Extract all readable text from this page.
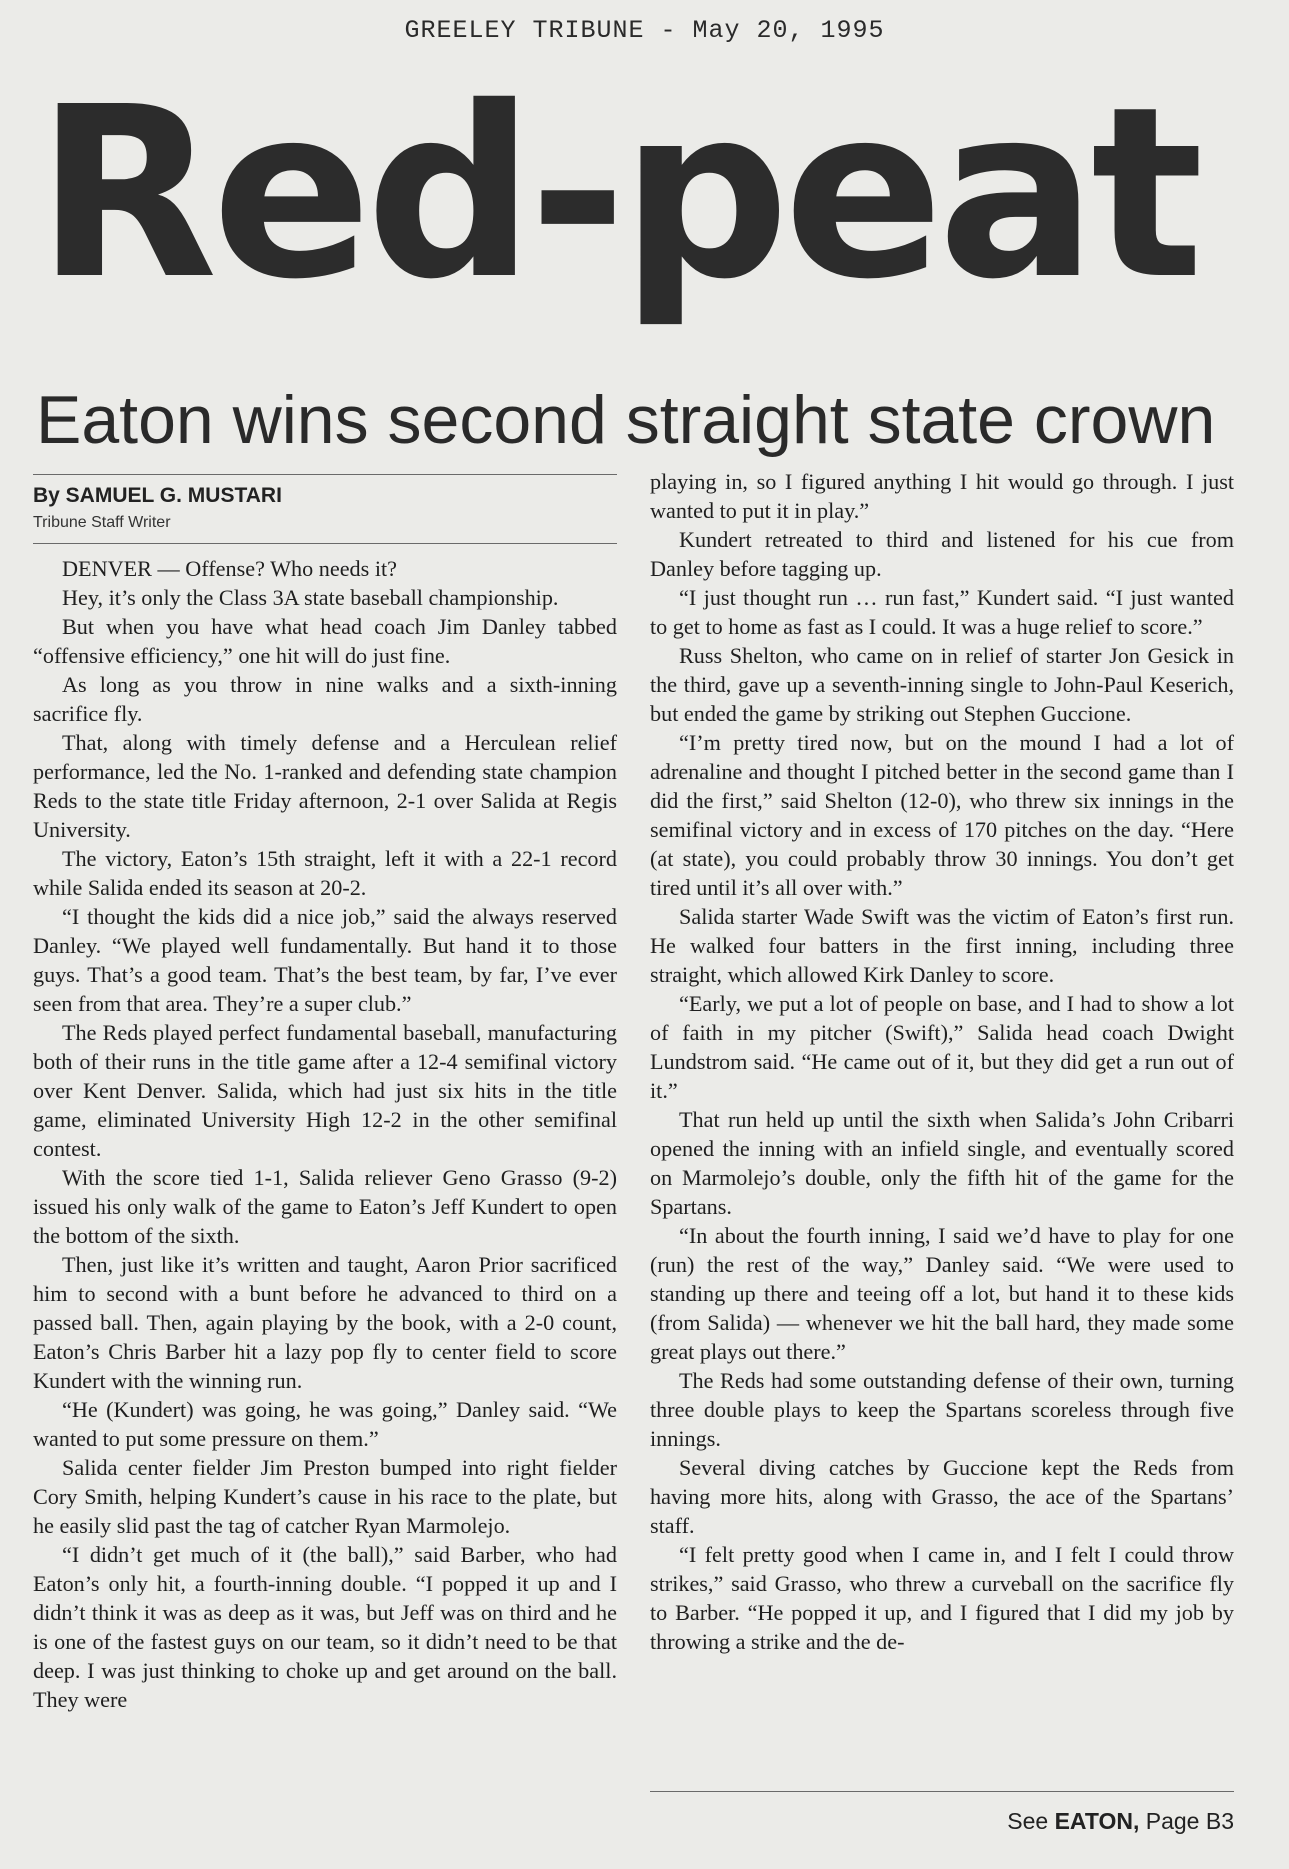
GREELEY TRIBUNE - May 20, 1995
Red-peat
Eaton wins second straight state crown
By SAMUEL G. MUSTARI
Tribune Staff Writer

DENVER — Offense? Who needs it?

Hey, it’s only the Class 3A state baseball championship.

But when you have what head coach Jim Danley tabbed “offensive efficiency,” one hit will do just fine.

As long as you throw in nine walks and a sixth-inning sacrifice fly.

That, along with timely defense and a Herculean relief performance, led the No. 1-ranked and defending state champion Reds to the state title Friday afternoon, 2-1 over Salida at Regis University.

The victory, Eaton’s 15th straight, left it with a 22-1 record while Salida ended its season at 20-2.

“I thought the kids did a nice job,” said the always reserved Danley. “We played well fundamentally. But hand it to those guys. That’s a good team. That’s the best team, by far, I’ve ever seen from that area. They’re a super club.”

The Reds played perfect fundamental baseball, manufacturing both of their runs in the title game after a 12-4 semifinal victory over Kent Denver. Salida, which had just six hits in the title game, eliminated University High 12-2 in the other semifinal contest.

With the score tied 1-1, Salida reliever Geno Grasso (9-2) issued his only walk of the game to Eaton’s Jeff Kundert to open the bottom of the sixth.

Then, just like it’s written and taught, Aaron Prior sacrificed him to second with a bunt before he advanced to third on a passed ball. Then, again playing by the book, with a 2-0 count, Eaton’s Chris Barber hit a lazy pop fly to center field to score Kundert with the winning run.

“He (Kundert) was going, he was going,” Danley said. “We wanted to put some pressure on them.”

Salida center fielder Jim Preston bumped into right fielder Cory Smith, helping Kundert’s cause in his race to the plate, but he easily slid past the tag of catcher Ryan Marmolejo.

“I didn’t get much of it (the ball),” said Barber, who had Eaton’s only hit, a fourth-inning double. “I popped it up and I didn’t think it was as deep as it was, but Jeff was on third and he is one of the fastest guys on our team, so it didn’t need to be that deep. I was just thinking to choke up and get around on the ball. They were

playing in, so I figured anything I hit would go through. I just wanted to put it in play.”

Kundert retreated to third and listened for his cue from Danley before tagging up.

“I just thought run … run fast,” Kundert said. “I just wanted to get to home as fast as I could. It was a huge relief to score.”

Russ Shelton, who came on in relief of starter Jon Gesick in the third, gave up a seventh-inning single to John-Paul Keserich, but ended the game by striking out Stephen Guccione.

“I’m pretty tired now, but on the mound I had a lot of adrenaline and thought I pitched better in the second game than I did the first,” said Shelton (12-0), who threw six innings in the semifinal victory and in excess of 170 pitches on the day. “Here (at state), you could probably throw 30 innings. You don’t get tired until it’s all over with.”

Salida starter Wade Swift was the victim of Eaton’s first run. He walked four batters in the first inning, including three straight, which allowed Kirk Danley to score.

“Early, we put a lot of people on base, and I had to show a lot of faith in my pitcher (Swift),” Salida head coach Dwight Lundstrom said. “He came out of it, but they did get a run out of it.”

That run held up until the sixth when Salida’s John Cribarri opened the inning with an infield single, and eventually scored on Marmolejo’s double, only the fifth hit of the game for the Spartans.

“In about the fourth inning, I said we’d have to play for one (run) the rest of the way,” Danley said. “We were used to standing up there and teeing off a lot, but hand it to these kids (from Salida) — whenever we hit the ball hard, they made some great plays out there.”

The Reds had some outstanding defense of their own, turning three double plays to keep the Spartans scoreless through five innings.

Several diving catches by Guccione kept the Reds from having more hits, along with Grasso, the ace of the Spartans’ staff.

“I felt pretty good when I came in, and I felt I could throw strikes,” said Grasso, who threw a curveball on the sacrifice fly to Barber. “He popped it up, and I figured that I did my job by throwing a strike and the de-

See EATON, Page B3
